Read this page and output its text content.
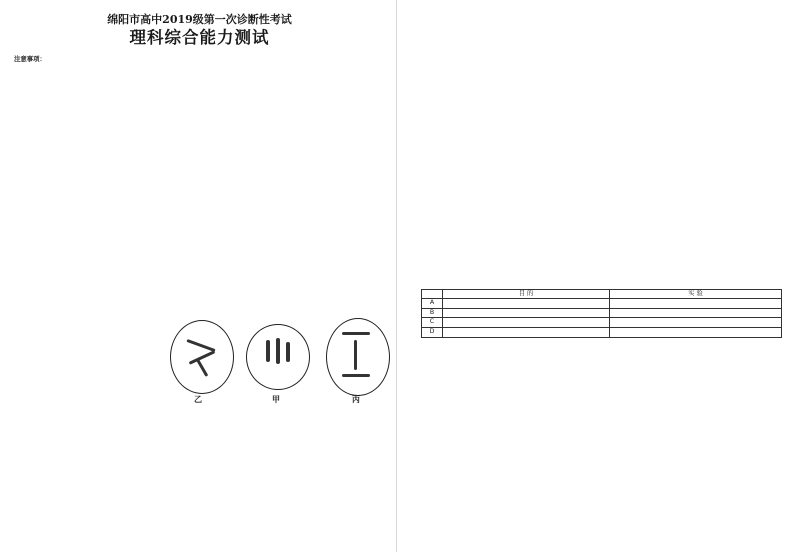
绵阳市高中2019级第一次诊断性考试
理科综合能力测试
注意事项：
乙	甲	丙
	目 的	实 验
A		
B		
C		
D		
